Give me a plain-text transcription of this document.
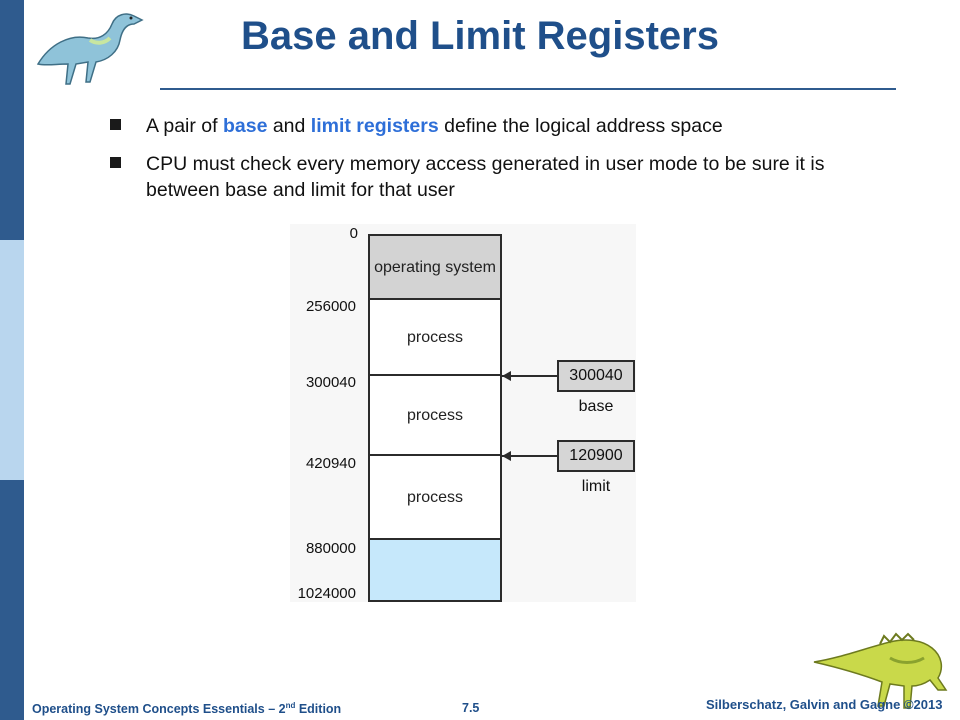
Base and Limit Registers
A pair of base and limit registers define the logical address space
CPU must check every memory access generated in user mode to be sure it is between base and limit for that user
operating system
process
process
process
0
256000
300040
420940
880000
1024000
300040
base
120900
limit
Operating System Concepts Essentials – 2nd Edition	7.5	Silberschatz, Galvin and Gagne ©2013
